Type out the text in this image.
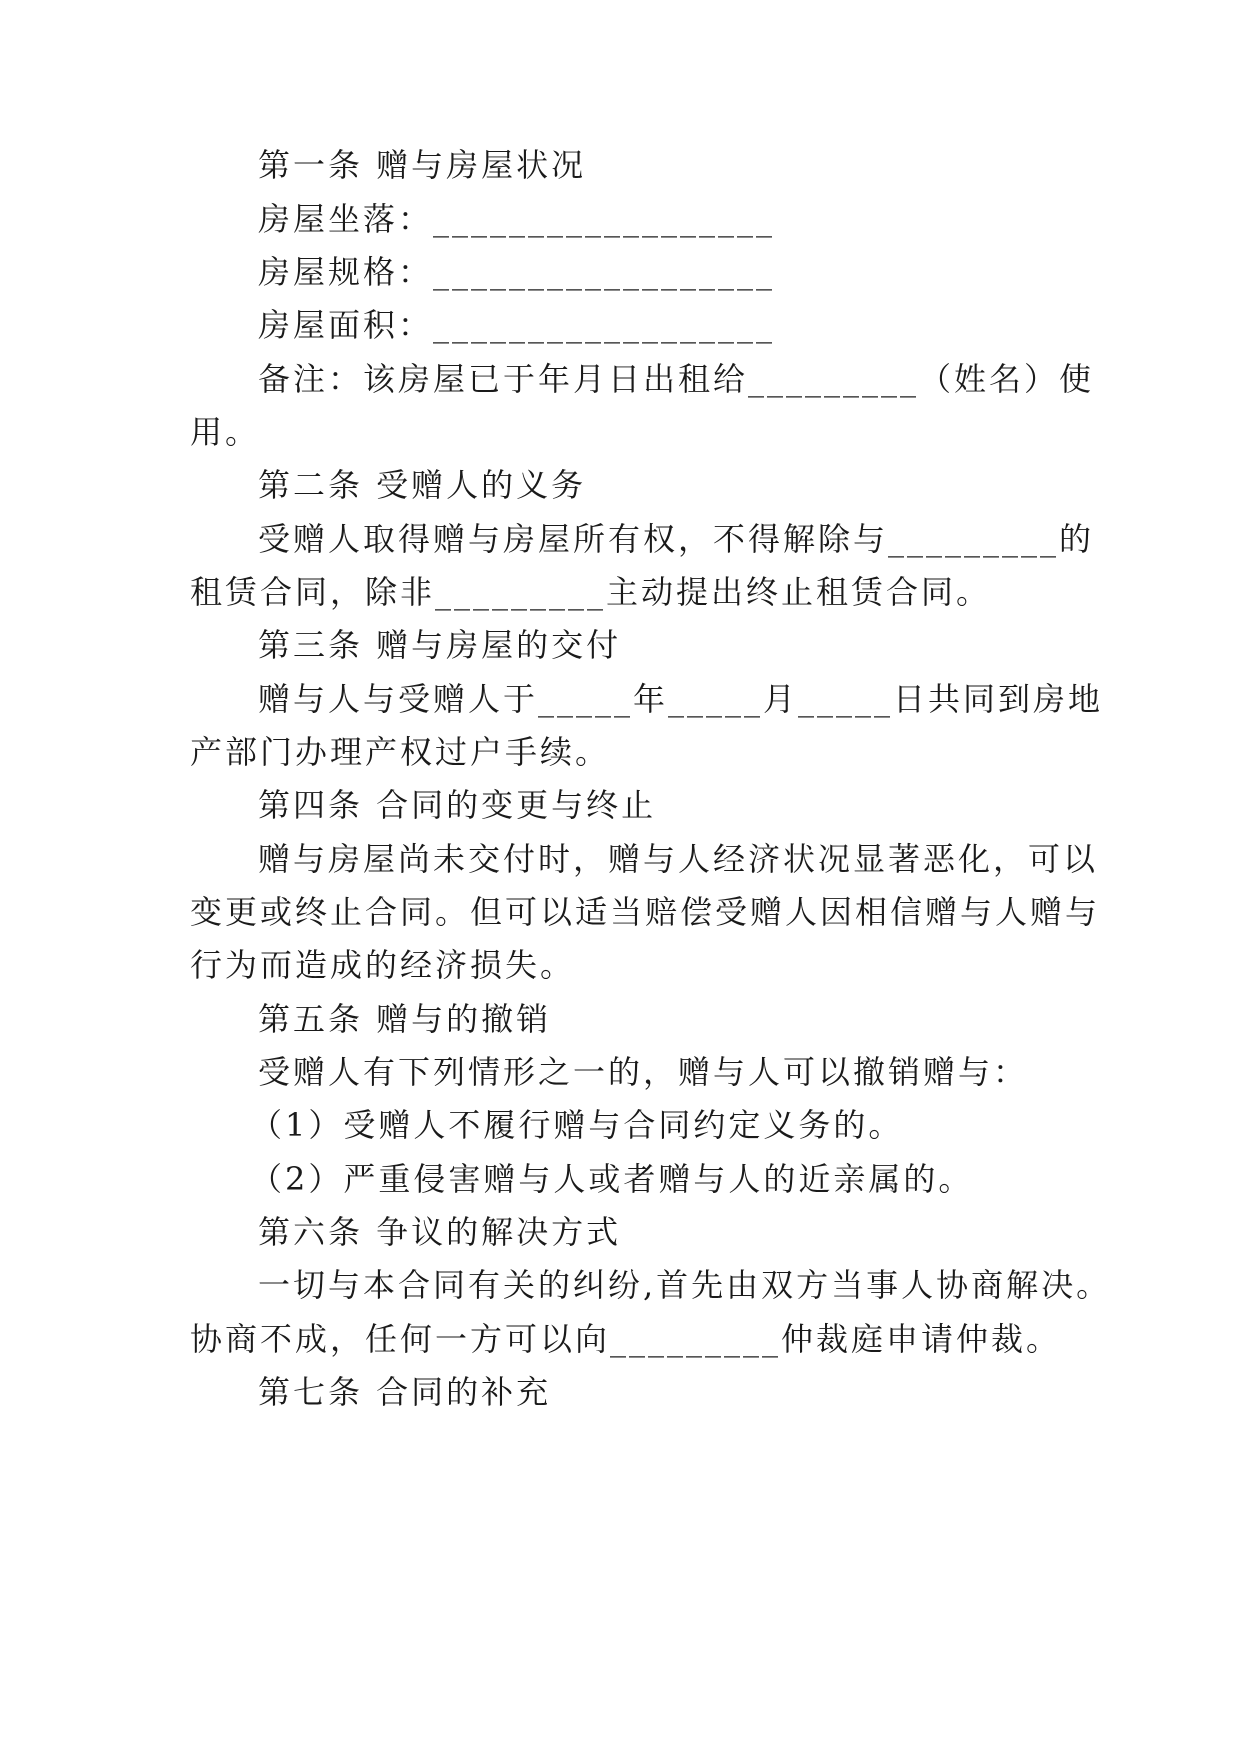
第一条 赠与房屋状况
房屋坐落：__________________
房屋规格：__________________
房屋面积：__________________
备注：该房屋已于年月日出租给_________（姓名）使
用。
第二条 受赠人的义务
受赠人取得赠与房屋所有权，不得解除与_________的
租赁合同，除非_________主动提出终止租赁合同。
第三条 赠与房屋的交付
赠与人与受赠人于_____年_____月_____日共同到房地
产部门办理产权过户手续。
第四条 合同的变更与终止
赠与房屋尚未交付时，赠与人经济状况显著恶化，可以
变更或终止合同。但可以适当赔偿受赠人因相信赠与人赠与
行为而造成的经济损失。
第五条 赠与的撤销
受赠人有下列情形之一的，赠与人可以撤销赠与：
（1）受赠人不履行赠与合同约定义务的。
（2）严重侵害赠与人或者赠与人的近亲属的。
第六条 争议的解决方式
一切与本合同有关的纠纷,首先由双方当事人协商解决。
协商不成，任何一方可以向_________仲裁庭申请仲裁。
第七条 合同的补充
